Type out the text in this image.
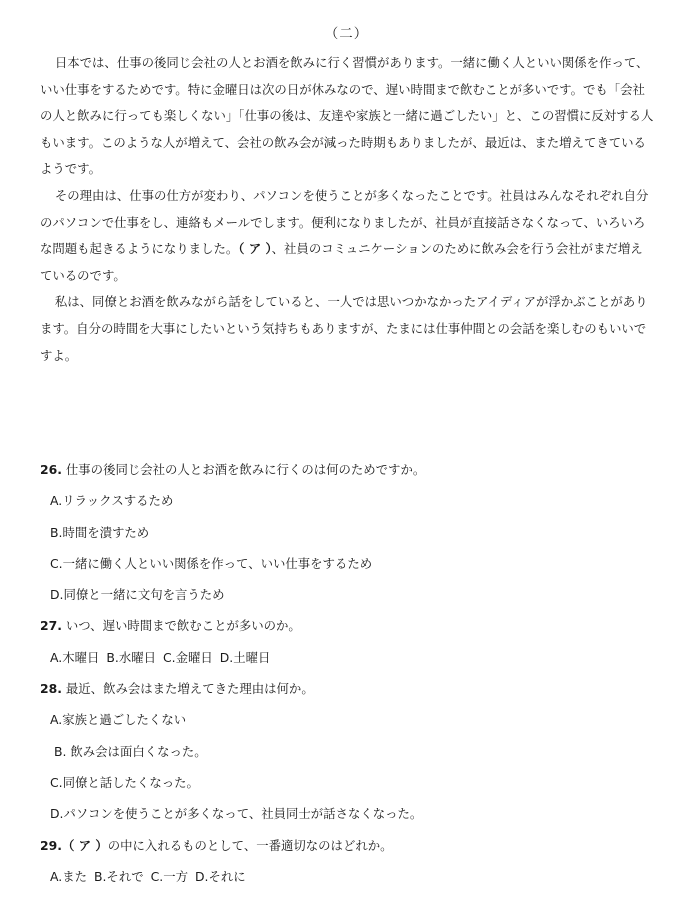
（二）

日本では、仕事の後同じ会社の人とお酒を飲みに行く習慣があります。一緒に働く人といい関係を作って、いい仕事をするためです。特に金曜日は次の日が休みなので、遅い時間まで飲むことが多いです。でも「会社の人と飲みに行っても楽しくない」「仕事の後は、友達や家族と一緒に過ごしたい」と、この習慣に反対する人もいます。このような人が増えて、会社の飲み会が減った時期もありましたが、最近は、また増えてきているようです。

その理由は、仕事の仕方が変わり、パソコンを使うことが多くなったことです。社員はみんなそれぞれ自分のパソコンで仕事をし、連絡もメールでします。便利になりましたが、社員が直接話さなくなって、いろいろな問題も起きるようになりました。（ ア ）、社員のコミュニケーションのために飲み会を行う会社がまだ増えているのです。

私は、同僚とお酒を飲みながら話をしていると、一人では思いつかなかったアイディアが浮かぶことがあります。自分の時間を大事にしたいという気持ちもありますが、たまには仕事仲間との会話を楽しむのもいいですよ。

26. 仕事の後同じ会社の人とお酒を飲みに行くのは何のためですか。
A.リラックスするため
B.時間を潰すため
C.一緒に働く人といい関係を作って、いい仕事をするため
D.同僚と一緒に文句を言うため
27. いつ、遅い時間まで飲むことが多いのか。
A.木曜日 B.水曜日 C.金曜日 D.土曜日
28. 最近、飲み会はまた増えてきた理由は何か。
A.家族と過ごしたくない
B. 飲み会は面白くなった。
C.同僚と話したくなった。
D.パソコンを使うことが多くなって、社員同士が話さなくなった。
29.（ ア ）の中に入れるものとして、一番適切なのはどれか。
A.また B.それで C.一方 D.それに
